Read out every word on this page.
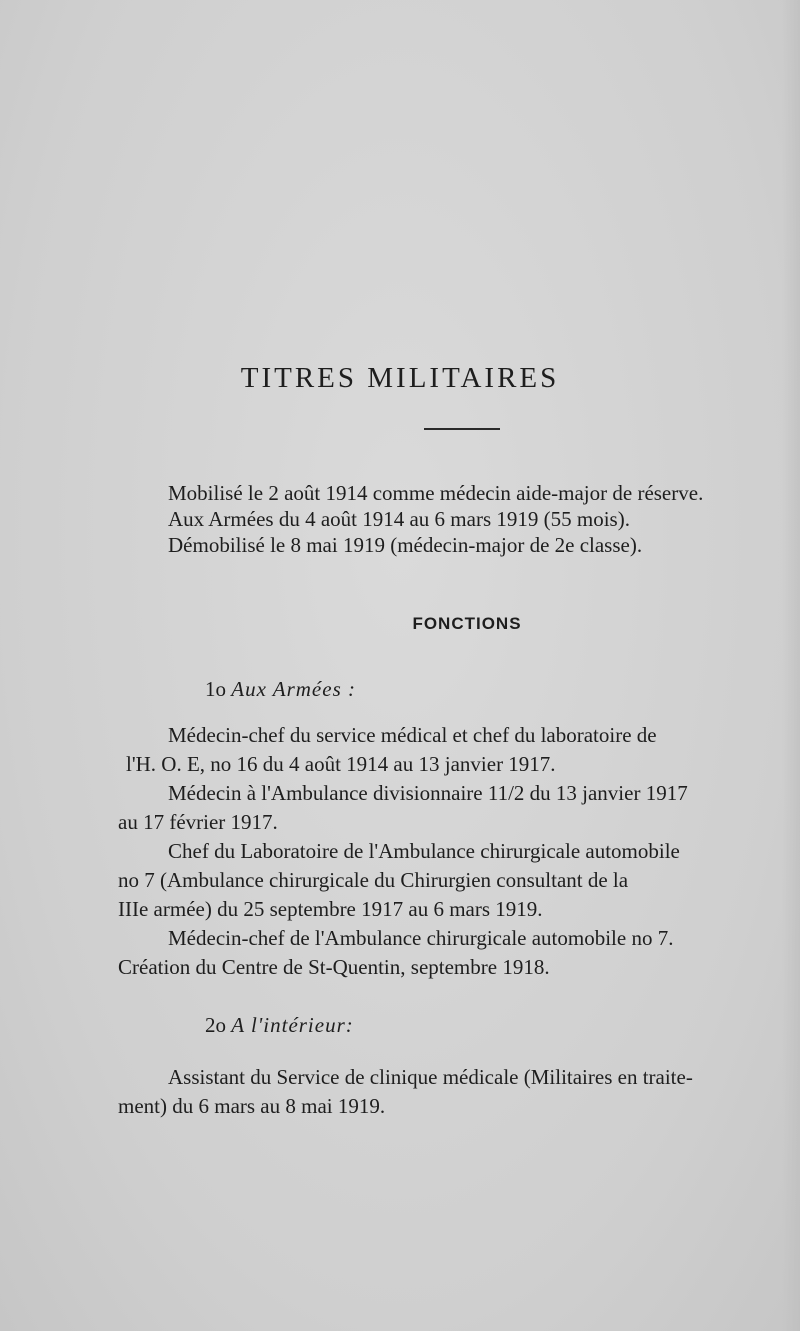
TITRES MILITAIRES

Mobilisé le 2 août 1914 comme médecin aide-major de réserve.

Aux Armées du 4 août 1914 au 6 mars 1919 (55 mois).

Démobilisé le 8 mai 1919 (médecin-major de 2e classe).

FONCTIONS

1o Aux Armées :

Médecin-chef du service médical et chef du laboratoire de

l'H. O. E, no 16 du 4 août 1914 au 13 janvier 1917.

Médecin à l'Ambulance divisionnaire 11/2 du 13 janvier 1917

au 17 février 1917.

Chef du Laboratoire de l'Ambulance chirurgicale automobile

no 7 (Ambulance chirurgicale du Chirurgien consultant de la

IIIe armée) du 25 septembre 1917 au 6 mars 1919.

Médecin-chef de l'Ambulance chirurgicale automobile no 7.

Création du Centre de St-Quentin, septembre 1918.

2o A l'intérieur:

Assistant du Service de clinique médicale (Militaires en traite-

ment) du 6 mars au 8 mai 1919.
